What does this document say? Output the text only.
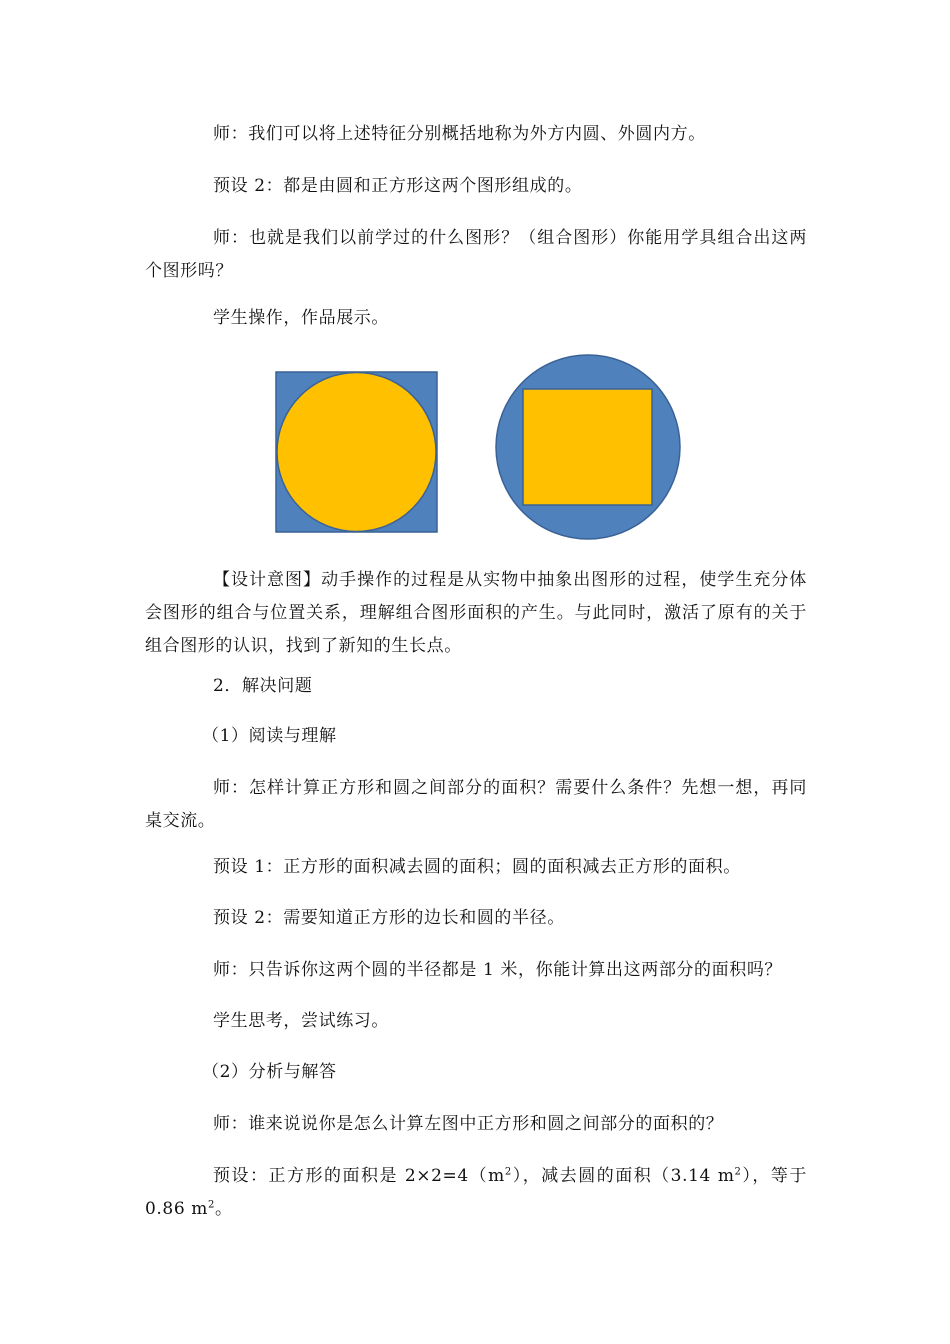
师：我们可以将上述特征分别概括地称为外方内圆、外圆内方。

预设 2：都是由圆和正方形这两个图形组成的。

师：也就是我们以前学过的什么图形？（组合图形）你能用学具组合出这两个图形吗？

学生操作，作品展示。

【设计意图】动手操作的过程是从实物中抽象出图形的过程，使学生充分体会图形的组合与位置关系，理解组合图形面积的产生。与此同时，激活了原有的关于组合图形的认识，找到了新知的生长点。

2．解决问题

（1）阅读与理解

师：怎样计算正方形和圆之间部分的面积？需要什么条件？先想一想，再同桌交流。

预设 1：正方形的面积减去圆的面积；圆的面积减去正方形的面积。

预设 2：需要知道正方形的边长和圆的半径。

师：只告诉你这两个圆的半径都是 1 米，你能计算出这两部分的面积吗？

学生思考，尝试练习。

（2）分析与解答

师：谁来说说你是怎么计算左图中正方形和圆之间部分的面积的？

预设：正方形的面积是 $2\times 2=4(m^2)$，减去圆的面积（3.14 $m^2$），等于 0.86 $m^2$。
